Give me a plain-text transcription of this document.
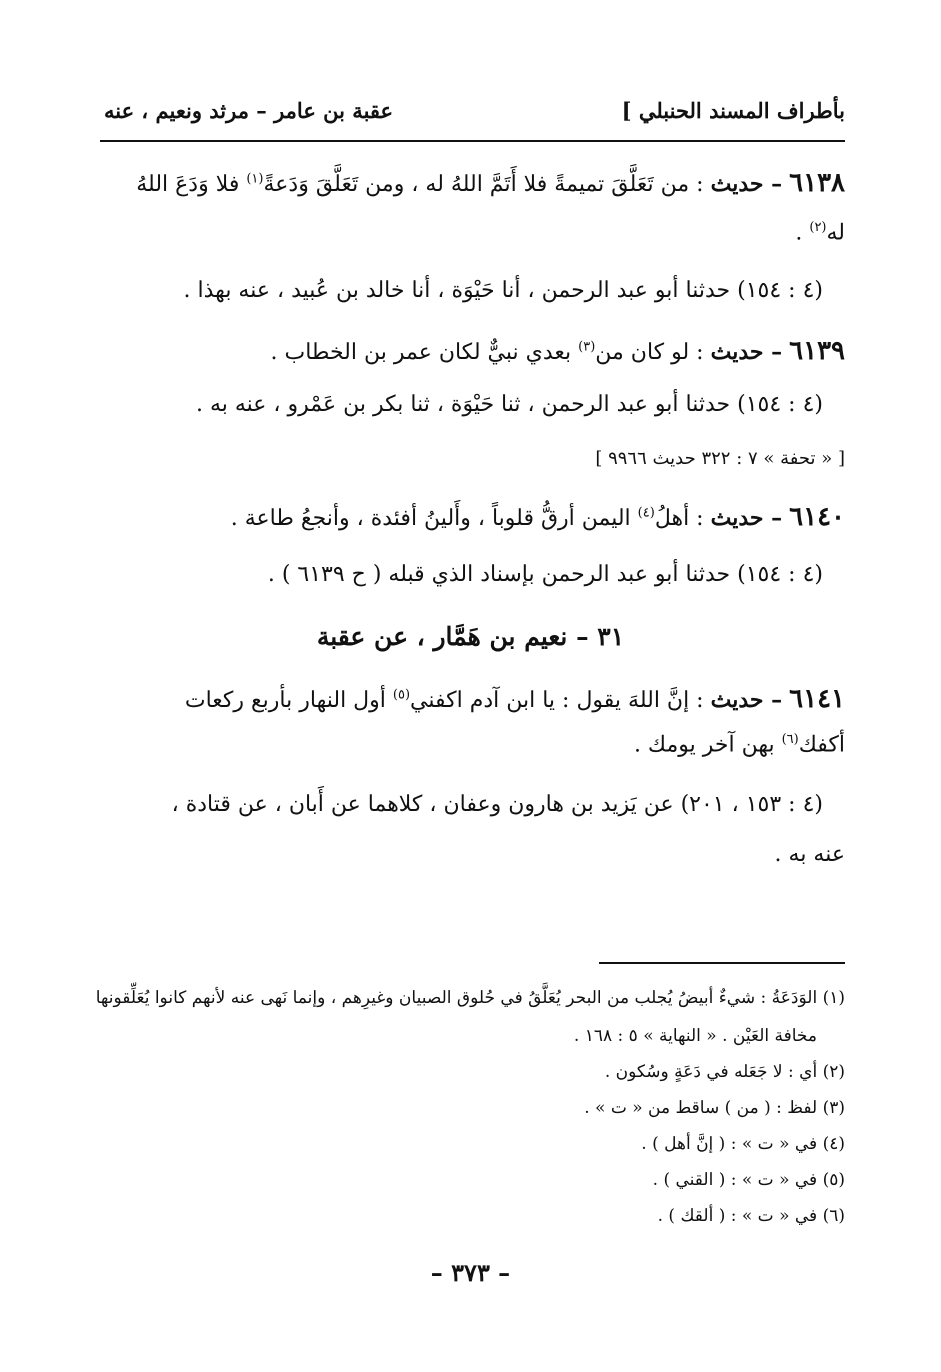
بأطراف المسند الحنبلي ]
عقبة بن عامر – مرثد ونعيم ، عنه
٦١٣٨ – حديث : من تَعَلَّقَ تميمةً فلا أَتَمَّ اللهُ له ، ومن تَعَلَّقَ وَدَعةً$^{(١)}$ فلا وَدَعَ اللهُ
له$^{(٢)}$ .
(٤ : ١٥٤) حدثنا أبو عبد الرحمن ، أنا حَيْوَة ، أنا خالد بن عُبيد ، عنه بهذا .
٦١٣٩ – حديث : لو كان من$^{(٣)}$ بعدي نبيٌّ لكان عمر بن الخطاب .
(٤ : ١٥٤) حدثنا أبو عبد الرحمن ، ثنا حَيْوَة ، ثنا بكر بن عَمْرو ، عنه به .
[ « تحفة » ٧ : ٣٢٢ حديث ٩٩٦٦ ]
٦١٤٠ – حديث : أهلُ$^{(٤)}$ اليمن أرقُّ قلوباً ، وأَلينُ أفئدة ، وأنجعُ طاعة .
(٤ : ١٥٤) حدثنا أبو عبد الرحمن بإسناد الذي قبله ( ح ٦١٣٩ ) .
٣١ – نعيم بن هَمَّار ، عن عقبة
٦١٤١ – حديث : إنَّ اللهَ يقول : يا ابن آدم اكفني$^{(٥)}$ أول النهار بأربع ركعات
أكفك$^{(٦)}$ بهن آخر يومك .
(٤ : ١٥٣ ، ٢٠١) عن يَزيد بن هارون وعفان ، كلاهما عن أَبان ، عن قتادة ،
عنه به .
(١) الوَدَعَةُ : شيءٌ أبيضُ يُجلب من البحر يُعَلَّقُ في حُلوق الصبيان وغيرِهم ، وإنما نَهى عنه لأنهم كانوا يُعَلِّقونها
مخافة العَيْن . « النهاية » ٥ : ١٦٨ .
(٢) أي : لا جَعَله في دَعَةٍ وسُكون .
(٣) لفظ : ( من ) ساقط من « ت » .
(٤) في « ت » : ( إنَّ أهل ) .
(٥) في « ت » : ( القني ) .
(٦) في « ت » : ( ألقك ) .
– ٣٧٣ –
